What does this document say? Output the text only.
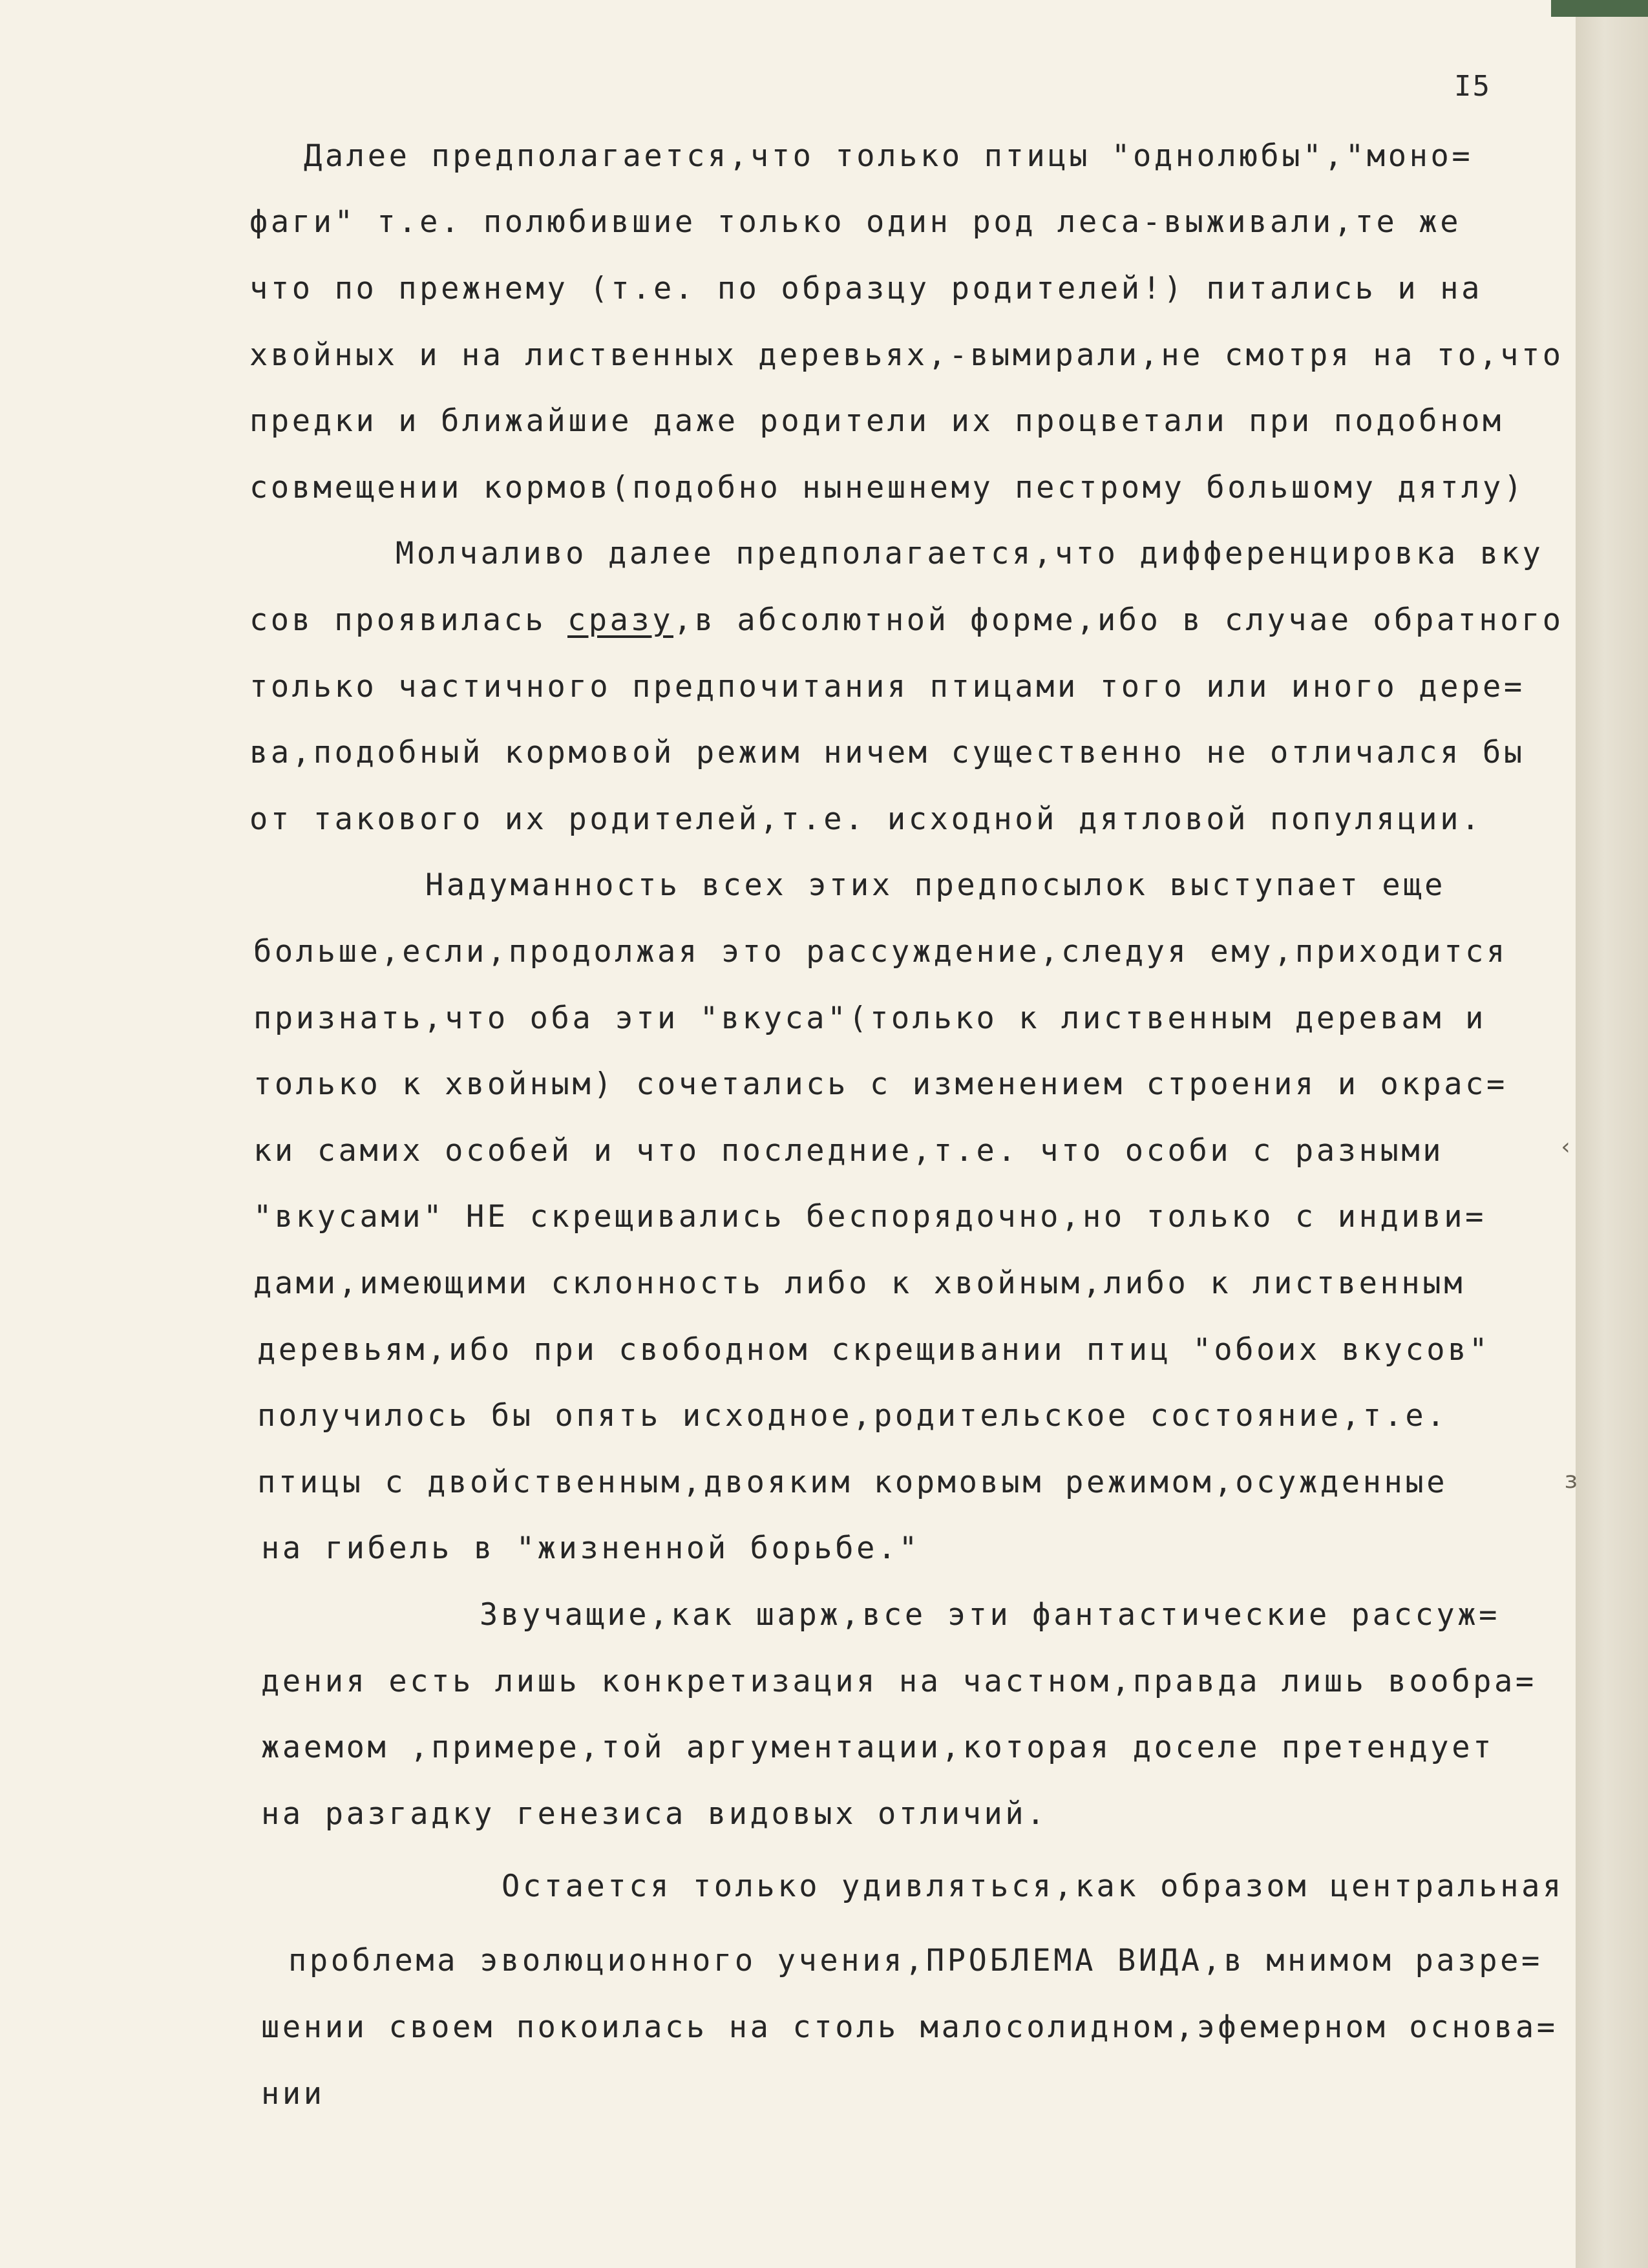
I5
Далее предполагается,что только птицы "однолюбы","моно=
фаги" т.е. полюбившие только один род леса-выживали,те же
что по прежнему (т.е. по образцу родителей!) питались и на
хвойных и на лиственных деревьях,-вымирали,не смотря на то,что
предки и ближайшие даже родители их процветали при подобном
совмещении кормов(подобно нынешнему пестрому большому дятлу)
Молчаливо далее предполагается,что дифференцировка вку
сов проявилась сразу,в абсолютной форме,ибо в случае обратного
только частичного предпочитания птицами того или иного дере=
ва,подобный кормовой режим ничем существенно не отличался бы
от такового их родителей,т.е. исходной дятловой популяции.
Надуманность всех этих предпосылок выступает еще
больше,если,продолжая это рассуждение,следуя ему,приходится
признать,что оба эти "вкуса"(только к лиственным деревам и
только к хвойным) сочетались с изменением строения и окрас=
ки самих особей и что последние,т.е. что особи с разными
"вкусами" НЕ скрещивались беспорядочно,но только с индиви=
дами,имеющими склонность либо к хвойным,либо к лиственным
деревьям,ибо при свободном скрещивании птиц "обоих вкусов"
получилось бы опять исходное,родительское состояние,т.е.
птицы с двойственным,двояким кормовым режимом,осужденные
на гибель в "жизненной борьбе."
Звучащие,как шарж,все эти фантастические рассуж=
дения есть лишь конкретизация на частном,правда лишь вообра=
жаемом ,примере,той аргументации,которая доселе претендует
на разгадку генезиса видовых отличий.
Остается только удивляться,как образом центральная
проблема эволюционного учения,ПРОБЛЕМА ВИДА,в мнимом разре=
шении своем покоилась на столь малосолидном,эфемерном основа=
нии
‹
з
